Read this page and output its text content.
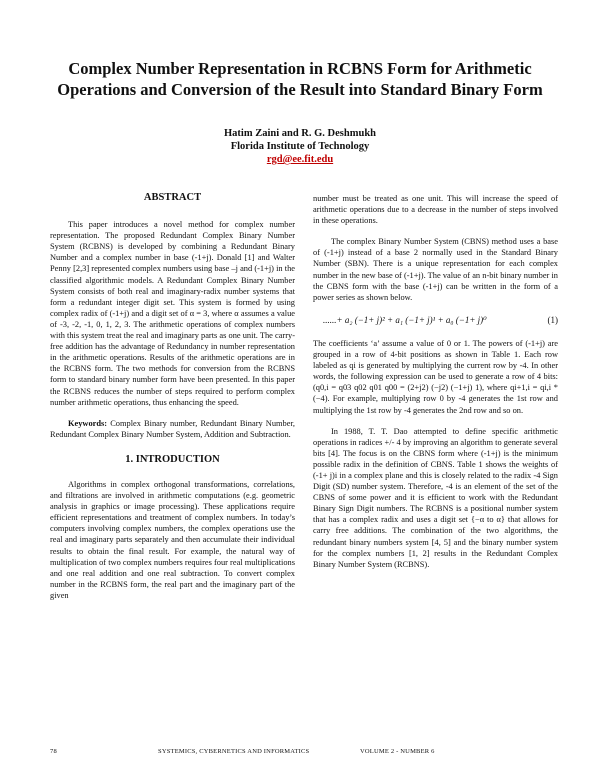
Complex Number Representation in RCBNS Form for Arithmetic Operations and Conversion of the Result into Standard Binary Form
Hatim Zaini and R. G. Deshmukh
Florida Institute of Technology
rgd@ee.fit.edu
ABSTRACT

This paper introduces a novel method for complex number representation. The proposed Redundant Complex Binary Number System (RCBNS) is developed by combining a Redundant Binary Number and a complex number in base (-1+j). Donald [1] and Walter Penny [2,3] represented complex numbers using base –j and (-1+j) in the classified algorithmic models. A Redundant Complex Binary Number System consists of both real and imaginary-radix number systems that form a redundant integer digit set. This system is formed by using complex radix of (-1+j) and a digit set of α = 3, where α assumes a value of -3, -2, -1, 0, 1, 2, 3. The arithmetic operations of complex numbers with this system treat the real and imaginary parts as one unit. The carry-free addition has the advantage of Redundancy in number representation in the arithmetic operations. Results of the arithmetic operations are in the RCBNS form. The two methods for conversion from the RCBNS form to standard binary number form have been presented. In this paper the RCBNS reduces the number of steps required to perform complex number arithmetic operations, thus enhancing the speed.

Keywords: Complex Binary number, Redundant Binary Number, Redundant Complex Binary Number System, Addition and Subtraction.

1. INTRODUCTION

Algorithms in complex orthogonal transformations, correlations, and filtrations are involved in arithmetic computations (e.g. geometric analysis in graphics or image processing). These applications require efficient representations and treatment of complex numbers. In today’s computers involving complex numbers, the complex operations use the real and imaginary parts separately and then accumulate their individual results to obtain the final result. For example, the natural way of multiplication of two complex numbers requires four real multiplications and one real addition and one real subtraction. To convert complex number in the RCBNS form, the real part and the imaginary part of the given

number must be treated as one unit. This will increase the speed of arithmetic operations due to a decrease in the number of steps involved in these operations.

The complex Binary Number System (CBNS) method uses a base of (-1+j) instead of a base 2 normally used in the Standard Binary Number (SBN). There is a unique representation for each complex number in the new base of (-1+j). The value of an n-bit binary number in the CBNS form with the base (-1+j) can be written in the form of a power series as shown below.

......+ a₂ (−1+ j)² + a₁ (−1+ j)¹ + a₀ (−1+ j)⁰	(1)

The coefficients ‘a’ assume a value of 0 or 1. The powers of (-1+j) are grouped in a row of 4-bit positions as shown in Table 1. Each row labeled as qi is generated by multiplying the current row by -4. In other words, the following expression can be used to generate a row of 4 bits: (q0,i = q03 q02 q01 q00 = (2+j2) (−j2) (−1+j) 1), where qi+1,i = qi,i * (−4). For example, multiplying row 0 by -4 generates the 1st row and multiplying the 1st row by -4 generates the 2nd row and so on.

In 1988, T. T. Dao attempted to define specific arithmetic operations in radices +/- 4 by improving an algorithm to generate several bits [4]. The focus is on the CBNS form where (-1+j) is the minimum possible radix in the definition of CBNS. Table 1 shows the weights of (-1+ j)i in a complex plane and this is closely related to the radix -4 Sign Digit (SD) number system. Therefore, -4 is an element of the set of the CBNS of some power and it is efficient to work with the Redundant Binary Sign Digit numbers. The RCBNS is a positional number system that has a complex radix and uses a digit set {−α to α} that allows for carry free additions. The combination of the two algorithms, the redundant binary numbers system [4, 5] and the binary number system for the complex numbers [1, 2] results in the Redundant Complex Binary Number System (RCBNS).

78	SYSTEMICS, CYBERNETICS AND INFORMATICS	VOLUME 2 - NUMBER 6
